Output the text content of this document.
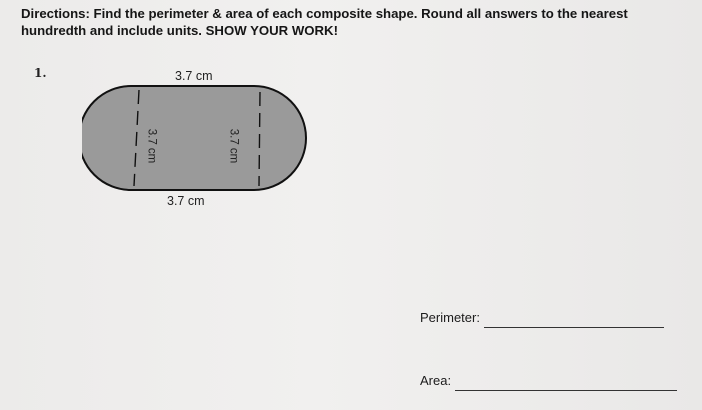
Directions: Find the perimeter & area of each composite shape. Round all answers to the nearest hundredth and include units. SHOW YOUR WORK!
1.	3.7 cm
3.7 cm
3.7 cm	3.7 cm
Perimeter:
Area:
